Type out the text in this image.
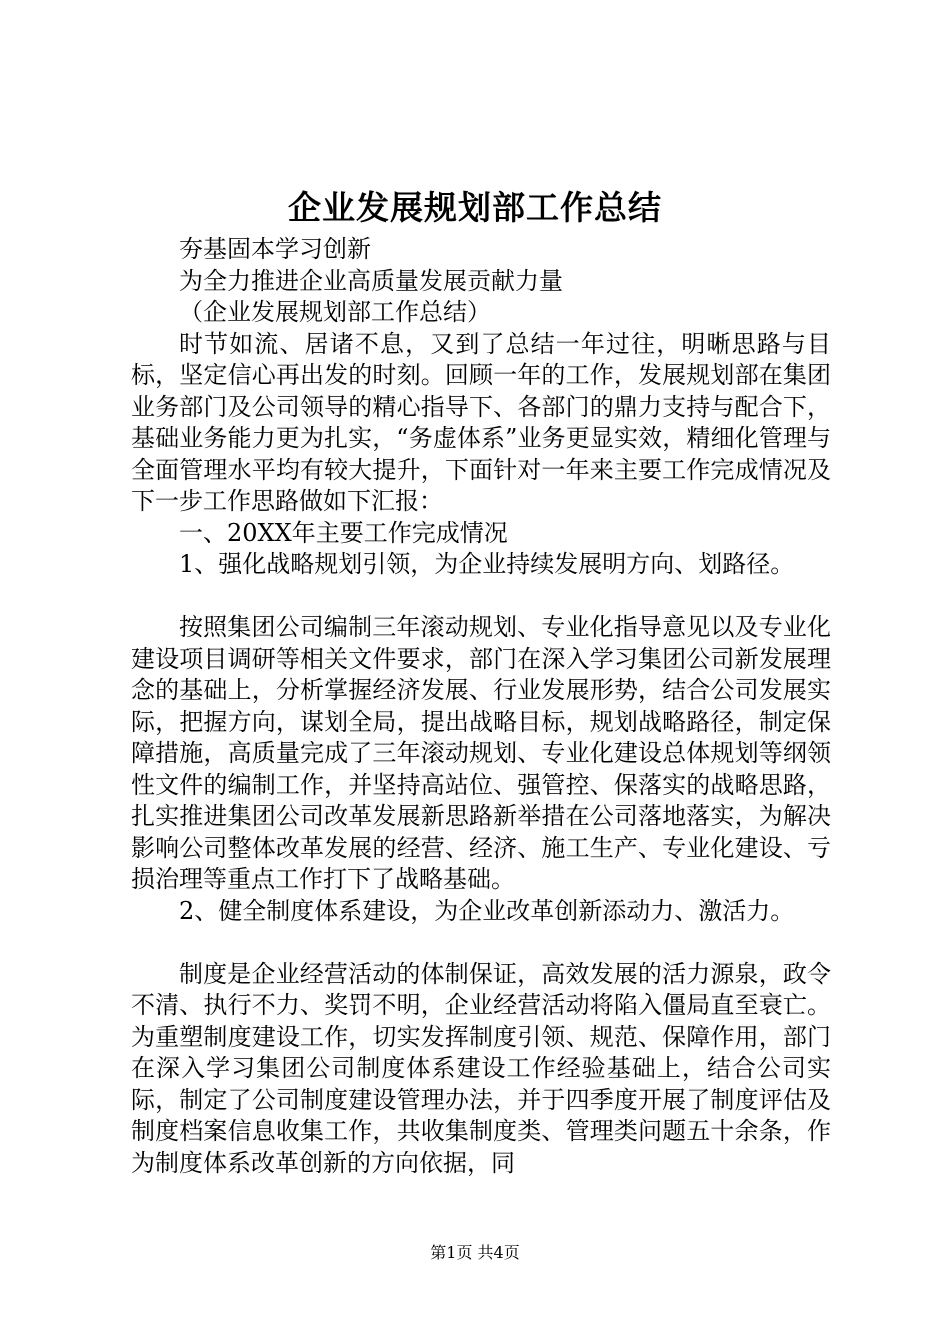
企业发展规划部工作总结

夯基固本学习创新

为全力推进企业高质量发展贡献力量

（企业发展规划部工作总结）

时节如流、居诸不息，又到了总结一年过往，明晰思路与目标，坚定信心再出发的时刻。回顾一年的工作，发展规划部在集团业务部门及公司领导的精心指导下、各部门的鼎力支持与配合下，基础业务能力更为扎实，“务虚体系”业务更显实效，精细化管理与全面管理水平均有较大提升，下面针对一年来主要工作完成情况及下一步工作思路做如下汇报：

一、20XX年主要工作完成情况

1、强化战略规划引领，为企业持续发展明方向、划路径。

按照集团公司编制三年滚动规划、专业化指导意见以及专业化建设项目调研等相关文件要求，部门在深入学习集团公司新发展理念的基础上，分析掌握经济发展、行业发展形势，结合公司发展实际，把握方向，谋划全局，提出战略目标，规划战略路径，制定保障措施，高质量完成了三年滚动规划、专业化建设总体规划等纲领性文件的编制工作，并坚持高站位、强管控、保落实的战略思路，扎实推进集团公司改革发展新思路新举措在公司落地落实，为解决影响公司整体改革发展的经营、经济、施工生产、专业化建设、亏损治理等重点工作打下了战略基础。

2、健全制度体系建设，为企业改革创新添动力、激活力。

制度是企业经营活动的体制保证，高效发展的活力源泉，政令不清、执行不力、奖罚不明，企业经营活动将陷入僵局直至衰亡。为重塑制度建设工作，切实发挥制度引领、规范、保障作用，部门在深入学习集团公司制度体系建设工作经验基础上，结合公司实际，制定了公司制度建设管理办法，并于四季度开展了制度评估及制度档案信息收集工作，共收集制度类、管理类问题五十余条，作为制度体系改革创新的方向依据，同

第1页 共4页
